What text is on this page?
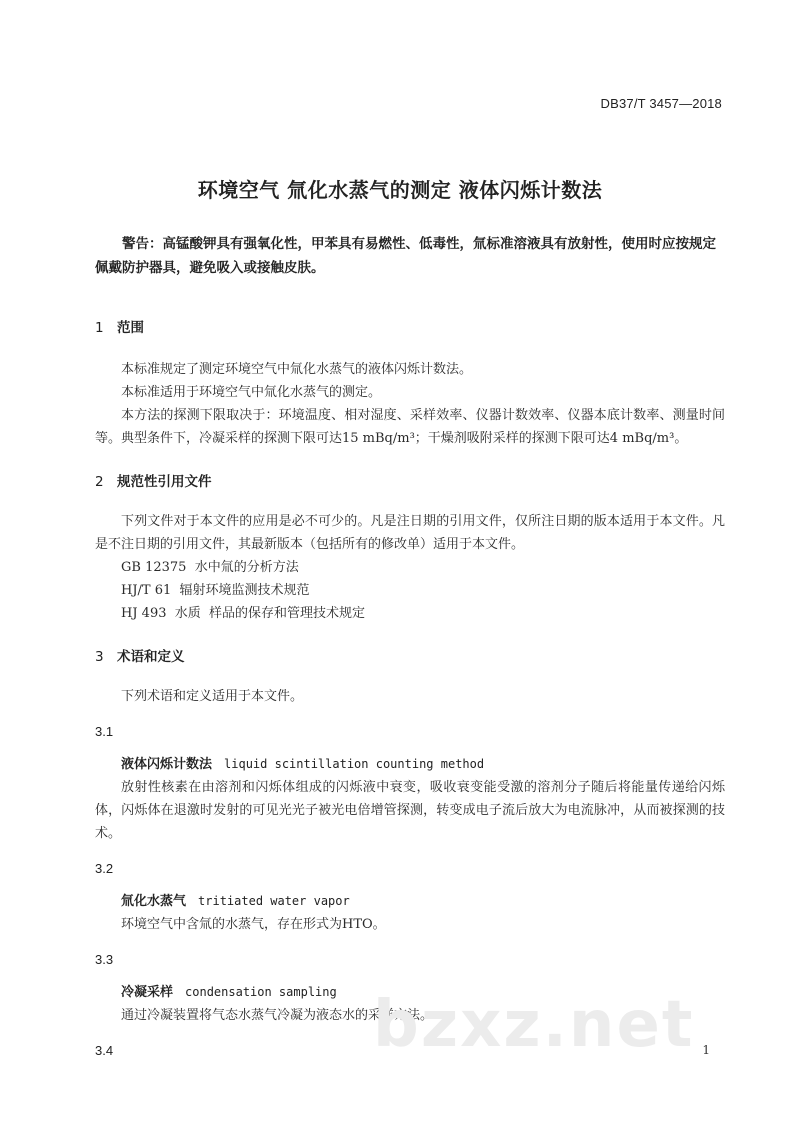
DB37/T 3457—2018
环境空气 氚化水蒸气的测定 液体闪烁计数法

警告：高锰酸钾具有强氧化性，甲苯具有易燃性、低毒性，氚标准溶液具有放射性，使用时应按规定佩戴防护器具，避免吸入或接触皮肤。

1 范围

本标准规定了测定环境空气中氚化水蒸气的液体闪烁计数法。

本标准适用于环境空气中氚化水蒸气的测定。

本方法的探测下限取决于：环境温度、相对湿度、采样效率、仪器计数效率、仪器本底计数率、测量时间等。典型条件下，冷凝采样的探测下限可达15 mBq/m³；干燥剂吸附采样的探测下限可达4 mBq/m³。

2 规范性引用文件

下列文件对于本文件的应用是必不可少的。凡是注日期的引用文件，仅所注日期的版本适用于本文件。凡是不注日期的引用文件，其最新版本（包括所有的修改单）适用于本文件。

GB 12375  水中氚的分析方法

HJ/T 61  辐射环境监测技术规范

HJ 493  水质  样品的保存和管理技术规定

3 术语和定义

下列术语和定义适用于本文件。

3.1

液体闪烁计数法 liquid scintillation counting method

放射性核素在由溶剂和闪烁体组成的闪烁液中衰变，吸收衰变能受激的溶剂分子随后将能量传递给闪烁体，闪烁体在退激时发射的可见光光子被光电倍增管探测，转变成电子流后放大为电流脉冲，从而被探测的技术。

3.2

氚化水蒸气 tritiated water vapor

环境空气中含氚的水蒸气，存在形式为HTO。

3.3

冷凝采样 condensation sampling

通过冷凝装置将气态水蒸气冷凝为液态水的采样方法。

3.4	bzxz.net 1
